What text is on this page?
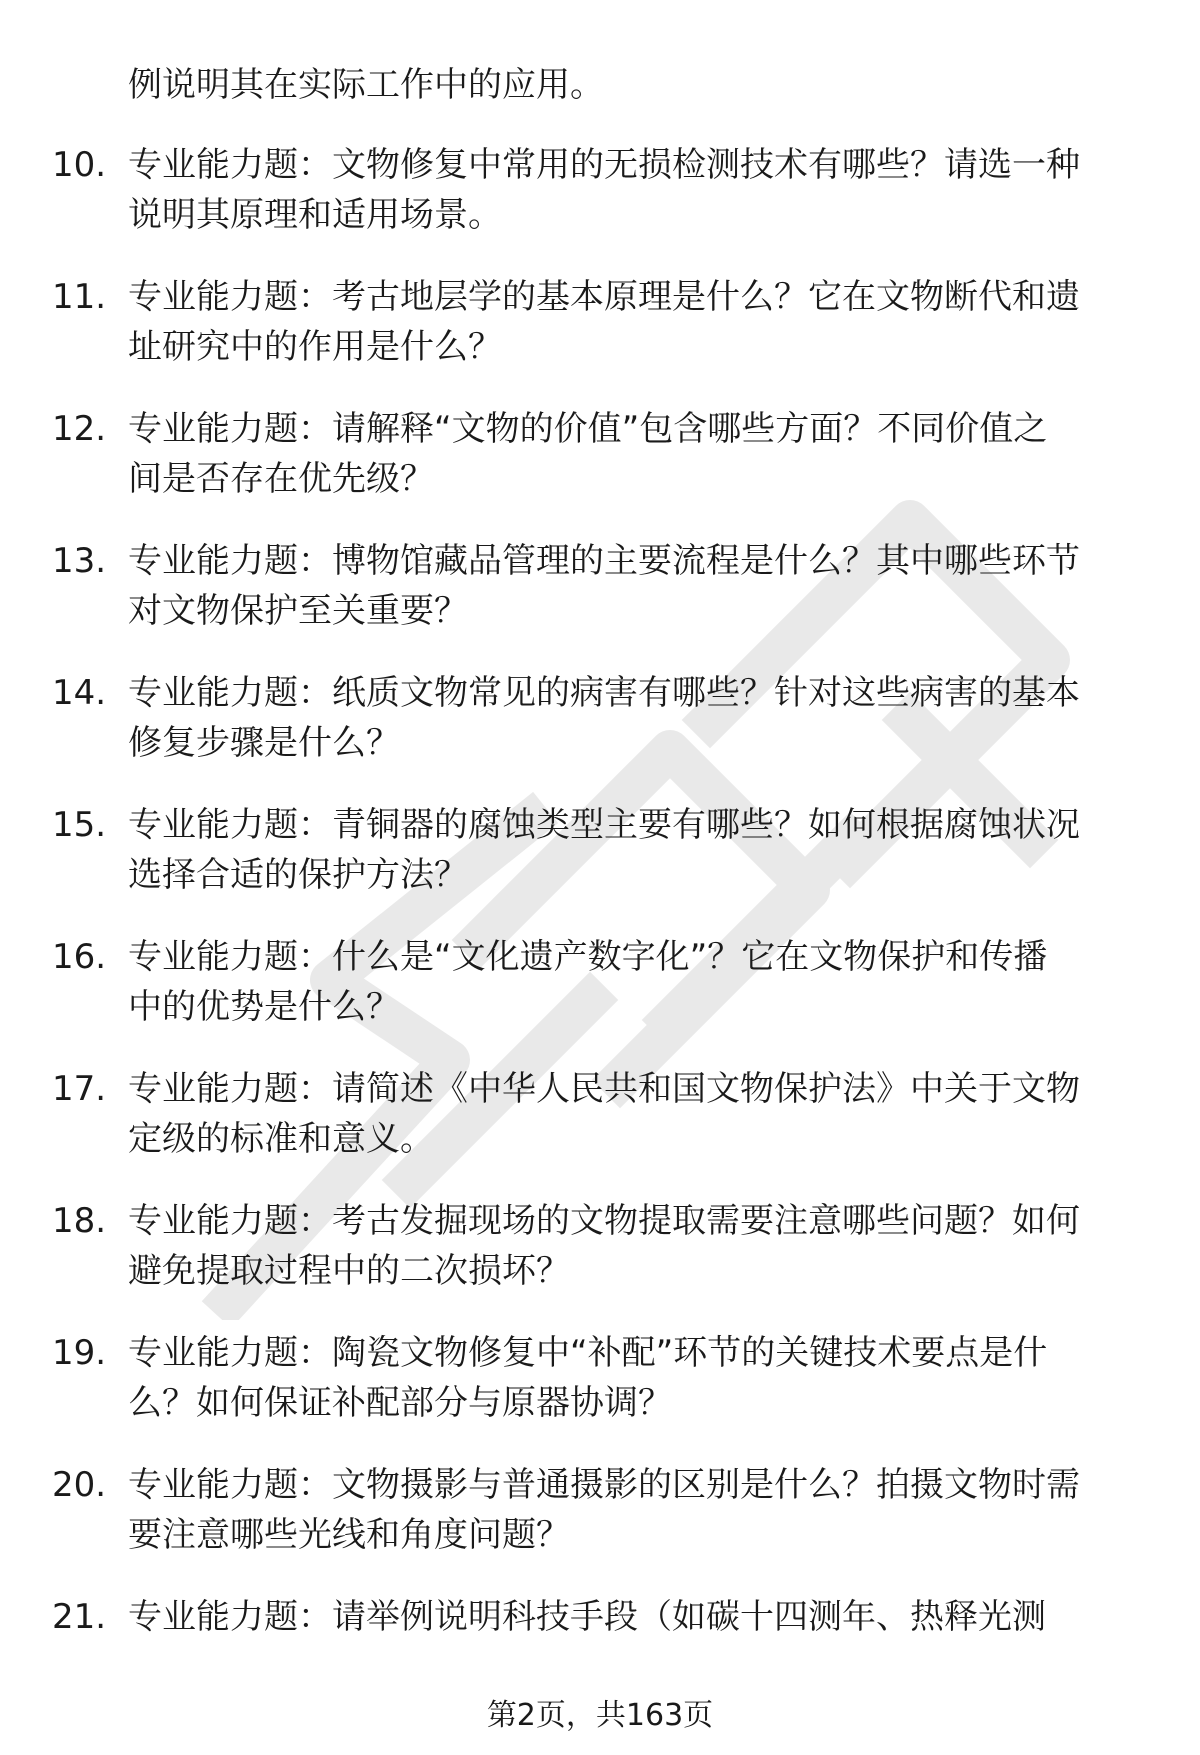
例说明其在实际工作中的应用。
10. 专业能力题：文物修复中常用的无损检测技术有哪些？请选一种
说明其原理和适用场景。
11. 专业能力题：考古地层学的基本原理是什么？它在文物断代和遗
址研究中的作用是什么？
12. 专业能力题：请解释“文物的价值”包含哪些方面？不同价值之
间是否存在优先级？
13. 专业能力题：博物馆藏品管理的主要流程是什么？其中哪些环节
对文物保护至关重要？
14. 专业能力题：纸质文物常见的病害有哪些？针对这些病害的基本
修复步骤是什么？
15. 专业能力题：青铜器的腐蚀类型主要有哪些？如何根据腐蚀状况
选择合适的保护方法？
16. 专业能力题：什么是“文化遗产数字化”？它在文物保护和传播
中的优势是什么？
17. 专业能力题：请简述《中华人民共和国文物保护法》中关于文物
定级的标准和意义。
18. 专业能力题：考古发掘现场的文物提取需要注意哪些问题？如何
避免提取过程中的二次损坏？
19. 专业能力题：陶瓷文物修复中“补配”环节的关键技术要点是什
么？如何保证补配部分与原器协调？
20. 专业能力题：文物摄影与普通摄影的区别是什么？拍摄文物时需
要注意哪些光线和角度问题？
21. 专业能力题：请举例说明科技手段（如碳十四测年、热释光测
第2页，共163页
